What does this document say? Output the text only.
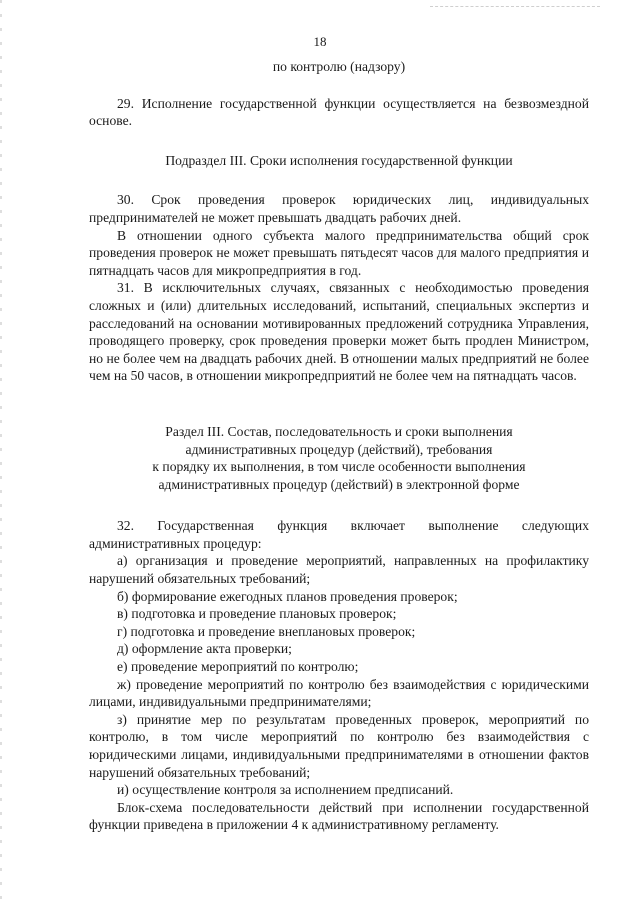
18

по контролю (надзору)

29. Исполнение государственной функции осуществляется на безвозмездной основе.

Подраздел III. Сроки исполнения государственной функции

30. Срок проведения проверок юридических лиц, индивидуальных предпринимателей не может превышать двадцать рабочих дней.

В отношении одного субъекта малого предпринимательства общий срок проведения проверок не может превышать пятьдесят часов для малого предприятия и пятнадцать часов для микропредприятия в год.

31. В исключительных случаях, связанных с необходимостью проведения сложных и (или) длительных исследований, испытаний, специальных экспертиз и расследований на основании мотивированных предложений сотрудника Управления, проводящего проверку, срок проведения проверки может быть продлен Министром, но не более чем на двадцать рабочих дней. В отношении малых предприятий не более чем на 50 часов, в отношении микропредприятий не более чем на пятнадцать часов.

Раздел III. Состав, последовательность и сроки выполнения

административных процедур (действий), требования

к порядку их выполнения, в том числе особенности выполнения

административных процедур (действий) в электронной форме

32. Государственная функция включает выполнение следующих административных процедур:

а) организация и проведение мероприятий, направленных на профилактику нарушений обязательных требований;

б) формирование ежегодных планов проведения проверок;

в) подготовка и проведение плановых проверок;

г) подготовка и проведение внеплановых проверок;

д) оформление акта проверки;

е) проведение мероприятий по контролю;

ж) проведение мероприятий по контролю без взаимодействия с юридическими лицами, индивидуальными предпринимателями;

з) принятие мер по результатам проведенных проверок, мероприятий по контролю, в том числе мероприятий по контролю без взаимодействия с юридическими лицами, индивидуальными предпринимателями в отношении фактов нарушений обязательных требований;

и) осуществление контроля за исполнением предписаний.

Блок-схема последовательности действий при исполнении государственной функции приведена в приложении 4 к административному регламенту.
